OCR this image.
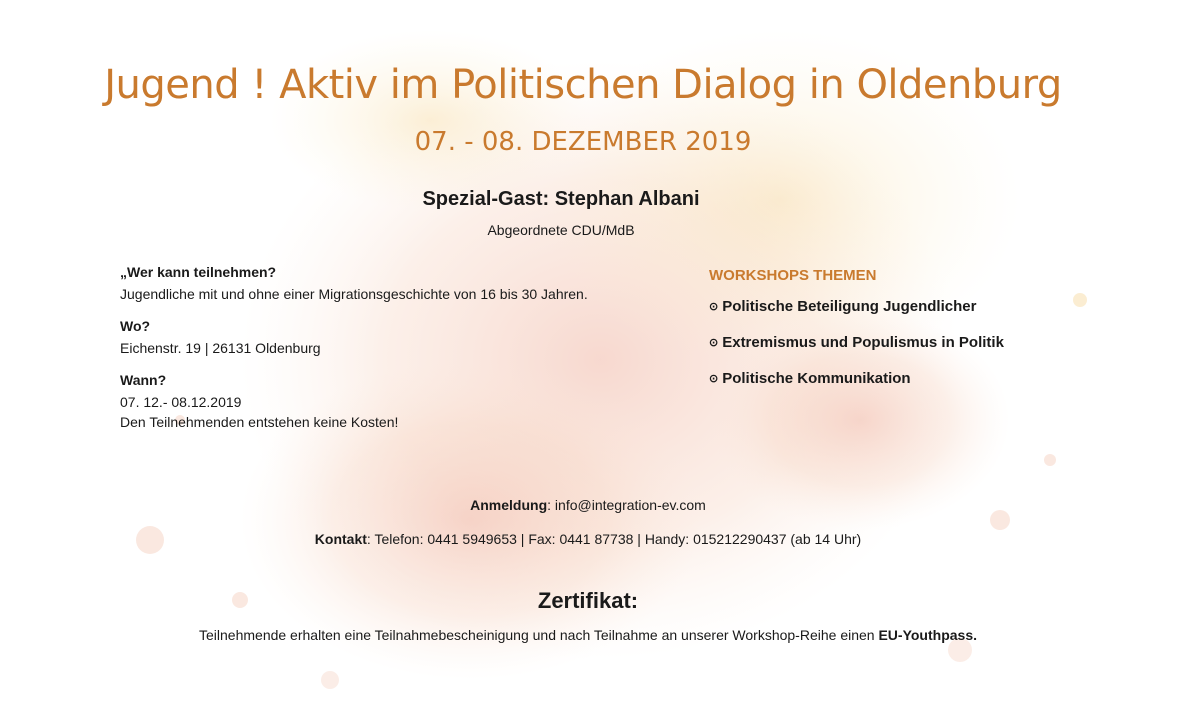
Jugend ! Aktiv im Politischen Dialog in Oldenburg
07. - 08. DEZEMBER 2019
Spezial-Gast: Stephan Albani
Abgeordnete CDU/MdB
„Wer kann teilnehmen?
Jugendliche mit und ohne einer Migrationsgeschichte von 16 bis 30 Jahren.
Wo?
Eichenstr. 19 | 26131 Oldenburg
Wann?
07. 12.- 08.12.2019
Den Teilnehmenden entstehen keine Kosten!
WORKSHOPS THEMEN
⊙ Politische Beteiligung Jugendlicher
⊙ Extremismus und Populismus in Politik
⊙ Politische Kommunikation
Anmeldung: info@integration-ev.com
Kontakt: Telefon: 0441 5949653 | Fax: 0441 87738 | Handy: 015212290437 (ab 14 Uhr)
Zertifikat:
Teilnehmende erhalten eine Teilnahmebescheinigung und nach Teilnahme an unserer Workshop-Reihe einen EU-Youthpass.
